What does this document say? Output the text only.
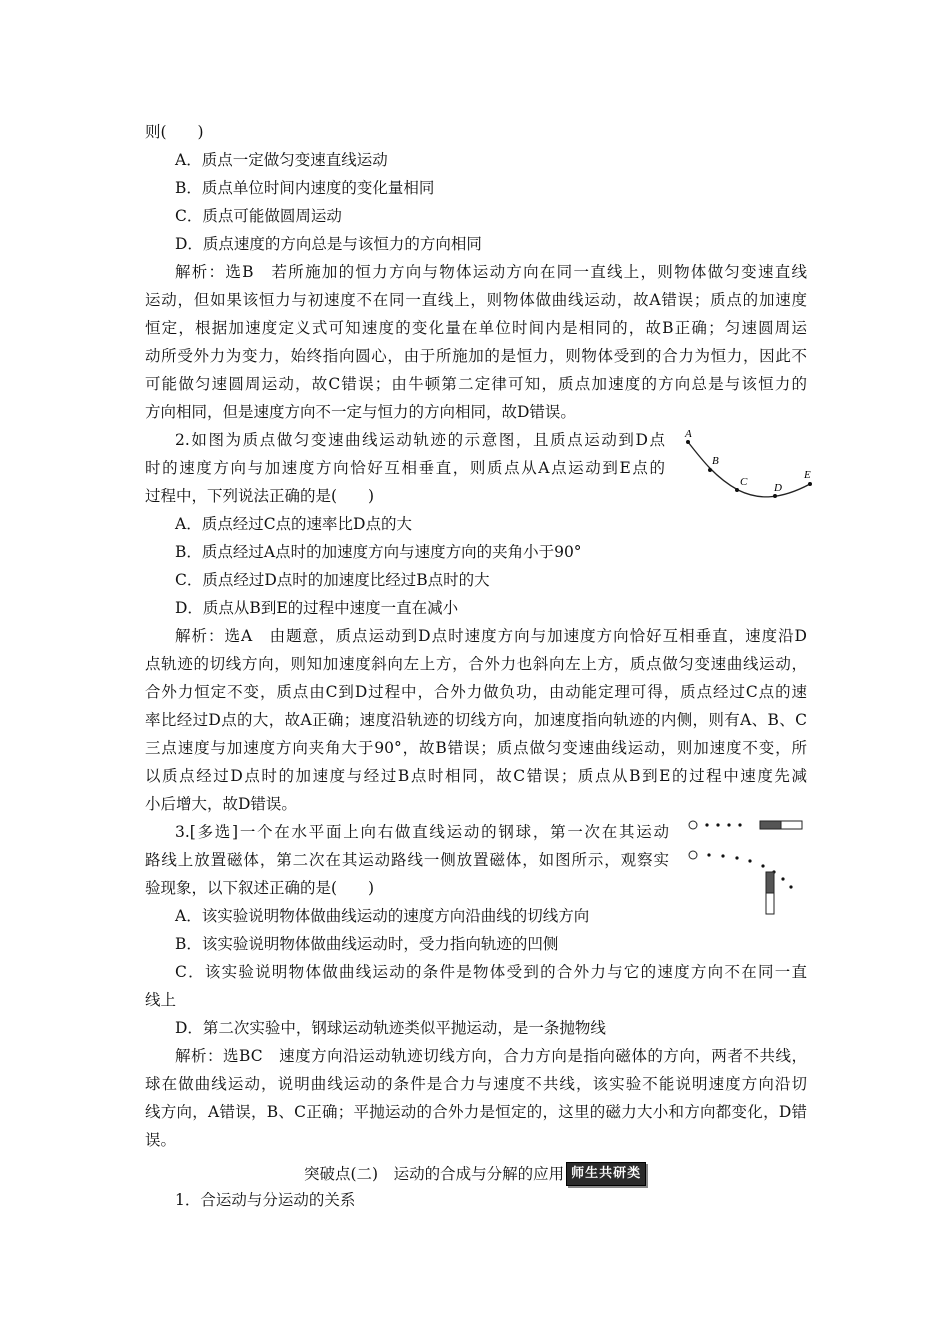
则(　　)
A．质点一定做匀变速直线运动
B．质点单位时间内速度的变化量相同
C．质点可能做圆周运动
D．质点速度的方向总是与该恒力的方向相同
解析：选B　若所施加的恒力方向与物体运动方向在同一直线上，则物体做匀变速直线
运动，但如果该恒力与初速度不在同一直线上，则物体做曲线运动，故A错误；质点的加速度
恒定，根据加速度定义式可知速度的变化量在单位时间内是相同的，故B正确；匀速圆周运
动所受外力为变力，始终指向圆心，由于所施加的是恒力，则物体受到的合力为恒力，因此不
可能做匀速圆周运动，故C错误；由牛顿第二定律可知，质点加速度的方向总是与该恒力的
方向相同，但是速度方向不一定与恒力的方向相同，故D错误。
2.如图为质点做匀变速曲线运动轨迹的示意图，且质点运动到D点
时的速度方向与加速度方向恰好互相垂直，则质点从A点运动到E点的
过程中，下列说法正确的是(　　)
A
B
C D
E
A．质点经过C点的速率比D点的大
B．质点经过A点时的加速度方向与速度方向的夹角小于90°
C．质点经过D点时的加速度比经过B点时的大
D．质点从B到E的过程中速度一直在减小
解析：选A　由题意，质点运动到D点时速度方向与加速度方向恰好互相垂直，速度沿D
点轨迹的切线方向，则知加速度斜向左上方，合外力也斜向左上方，质点做匀变速曲线运动，
合外力恒定不变，质点由C到D过程中，合外力做负功，由动能定理可得，质点经过C点的速
率比经过D点的大，故A正确；速度沿轨迹的切线方向，加速度指向轨迹的内侧，则有A、B、C
三点速度与加速度方向夹角大于90°，故B错误；质点做匀变速曲线运动，则加速度不变，所
以质点经过D点时的加速度与经过B点时相同，故C错误；质点从B到E的过程中速度先减
小后增大，故D错误。
3.[多选]一个在水平面上向右做直线运动的钢球，第一次在其运动
路线上放置磁体，第二次在其运动路线一侧放置磁体，如图所示，观察实
验现象，以下叙述正确的是(　　)
A．该实验说明物体做曲线运动的速度方向沿曲线的切线方向
B．该实验说明物体做曲线运动时，受力指向轨迹的凹侧
C．该实验说明物体做曲线运动的条件是物体受到的合外力与它的速度方向不在同一直
线上
D．第二次实验中，钢球运动轨迹类似平抛运动，是一条抛物线
解析：选BC　速度方向沿运动轨迹切线方向，合力方向是指向磁体的方向，两者不共线，
球在做曲线运动，说明曲线运动的条件是合力与速度不共线，该实验不能说明速度方向沿切
线方向，A错误，B、C正确；平抛运动的合外力是恒定的，这里的磁力大小和方向都变化，D错
误。
突破点(二)　运动的合成与分解的应用 师生共研类
1．合运动与分运动的关系
